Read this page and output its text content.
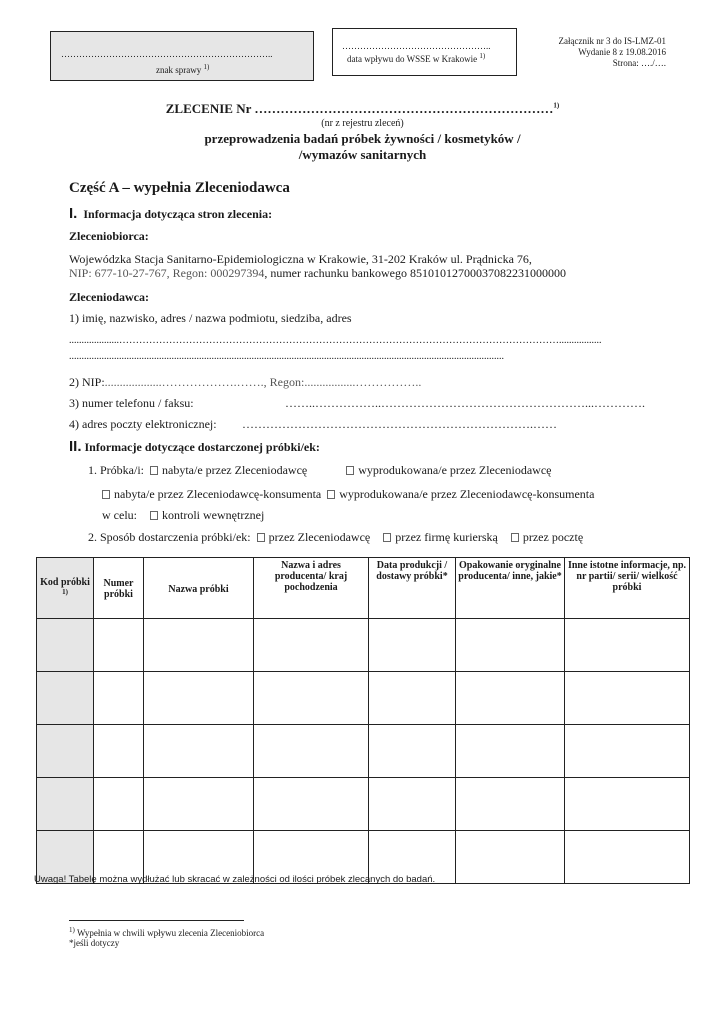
……………………………………………………………..
znak sprawy $^{1)}$
…………………………………………..
data wpływu do WSSE w Krakowie $^{1)}$
Załącznik nr 3 do IS-LMZ-01
Wydanie 8 z 19.08.2016
Strona: …./….
ZLECENIE Nr ……………………………………………………………$^{1)}$
(nr z rejestru zleceń)
przeprowadzenia badań próbek żywności / kosmetyków /
/wymazów sanitarnych
Część A – wypełnia Zleceniodawca
I. Informacja dotycząca stron zlecenia:
Zleceniobiorca:
Wojewódzka Stacja Sanitarno-Epidemiologiczna w Krakowie, 31-202 Kraków ul. Prądnicka 76,
NIP: 677-10-27-767, Regon: 000297394, numer rachunku bankowego 85101012700037082231000000
Zleceniodawca:
1) imię, nazwisko, adres / nazwa podmiotu, siedziba, adres
....................…………………………………………………………………………………………………………………….................
..............................................................................................................................................................................
2) NIP:...................……………….……., Regon:.................……………..
3) numer telefonu / faksu:	……..……………..……………………………………………...………….
4) adres poczty elektronicznej: ……………………………………………………………….……
II. Informacje dotyczące dostarczonej próbki/ek:
1. Próbka/i: nabyta/e przez Zleceniodawcę	wyprodukowana/e przez Zleceniodawcę
nabyta/e przez Zleceniodawcę-konsumenta wyprodukowana/e przez Zleceniodawcę-konsumenta
w celu: kontroli wewnętrznej
2. Sposób dostarczenia próbki/ek: przez Zleceniodawcę przez firmę kurierską przez pocztę
Kod próbki $^{1)}$	Numer próbki	Nazwa próbki	Nazwa i adres producenta/ kraj pochodzenia	Data produkcji / dostawy próbki*	Opakowanie oryginalne producenta/ inne, jakie*	Inne istotne informacje, np. nr partii/ serii/ wielkość próbki

Uwaga! Tabelę można wydłużać lub skracać w zależności od ilości próbek zlecanych do badań.
$^{1)}$ Wypełnia w chwili wpływu zlecenia Zleceniobiorca
*jeśli dotyczy
